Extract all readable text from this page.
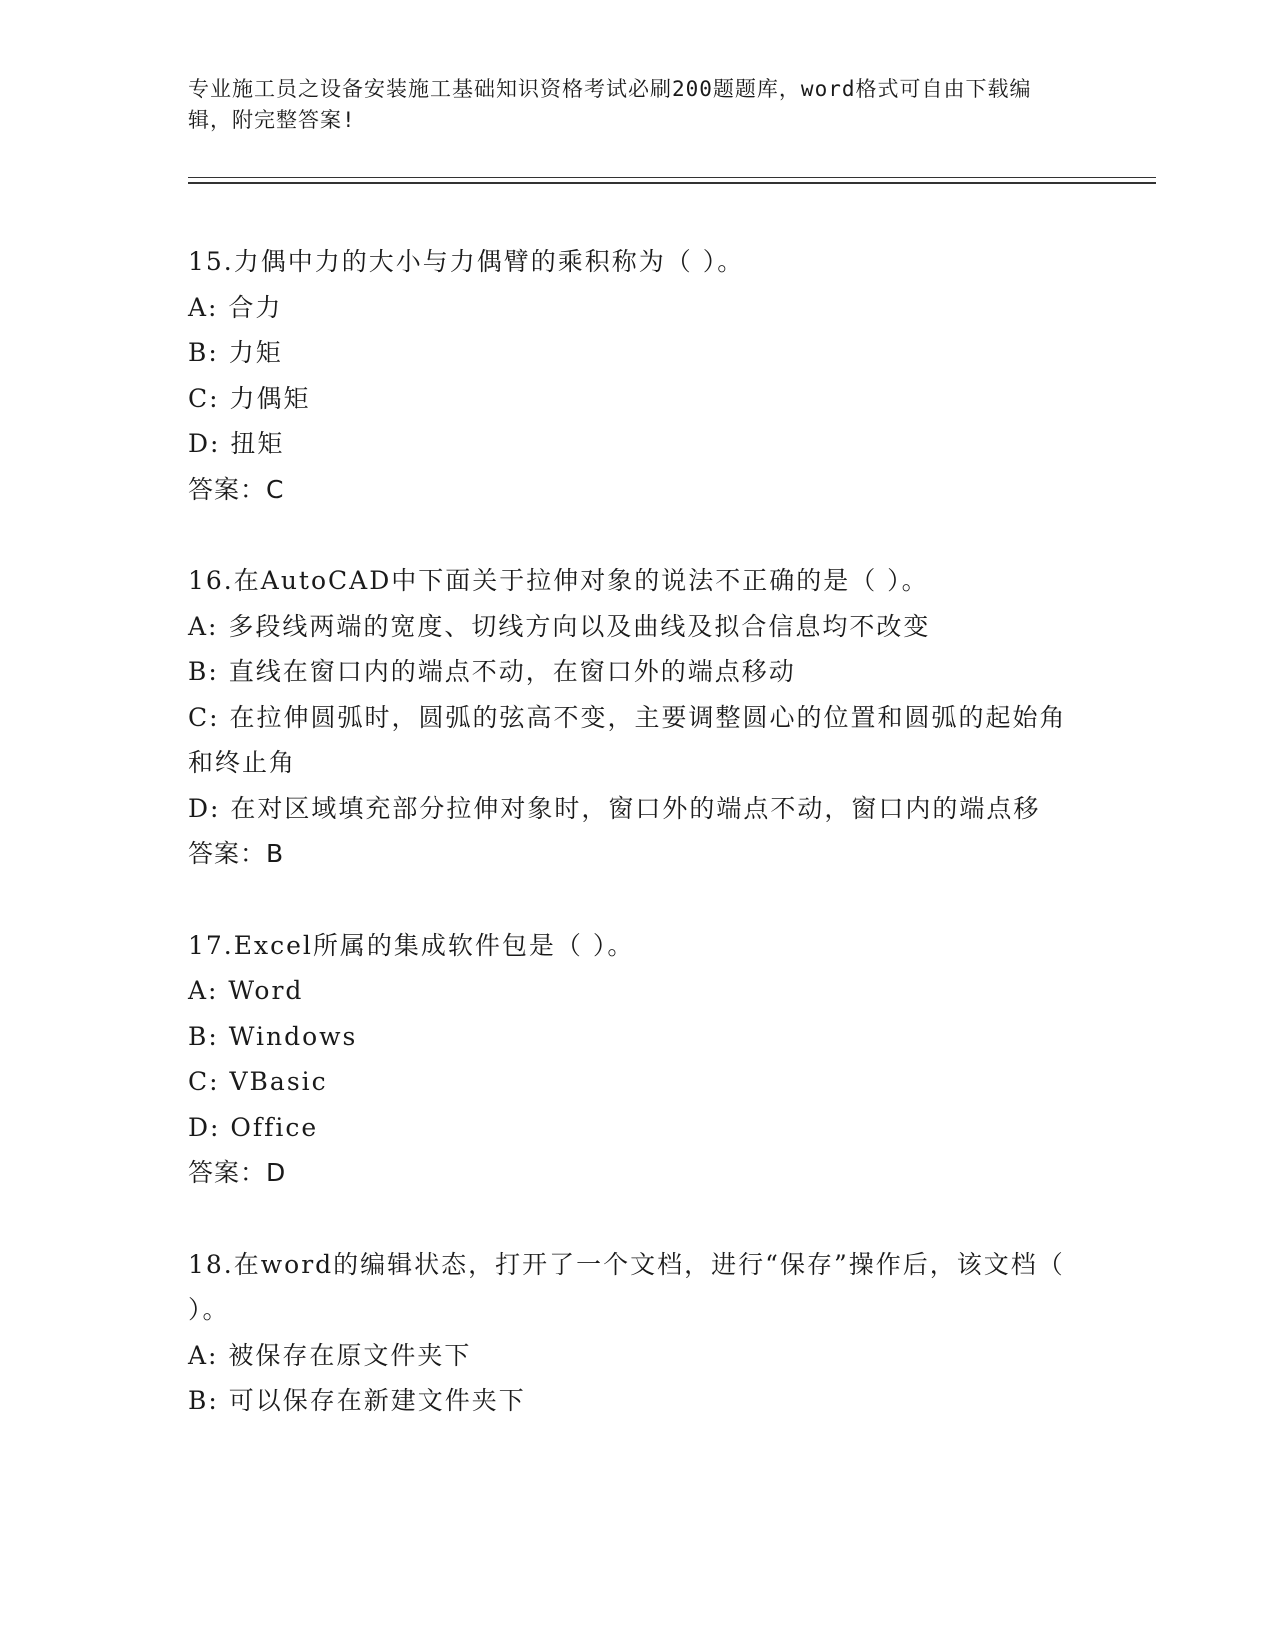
专业施工员之设备安装施工基础知识资格考试必刷200题题库，word格式可自由下载编辑，附完整答案!
15.力偶中力的大小与力偶臂的乘积称为（ ）。
A: 合力
B: 力矩
C: 力偶矩
D: 扭矩
答案：C
16.在AutoCAD中下面关于拉伸对象的说法不正确的是（ ）。
A: 多段线两端的宽度、切线方向以及曲线及拟合信息均不改变
B: 直线在窗口内的端点不动，在窗口外的端点移动
C: 在拉伸圆弧时，圆弧的弦高不变，主要调整圆心的位置和圆弧的起始角和终止角
D: 在对区域填充部分拉伸对象时，窗口外的端点不动，窗口内的端点移
答案：B
17.Excel所属的集成软件包是（ ）。
A: Word
B: Windows
C: VBasic
D: Office
答案：D
18.在word的编辑状态，打开了一个文档，进行“保存”操作后，该文档（ ）。
A: 被保存在原文件夹下
B: 可以保存在新建文件夹下
